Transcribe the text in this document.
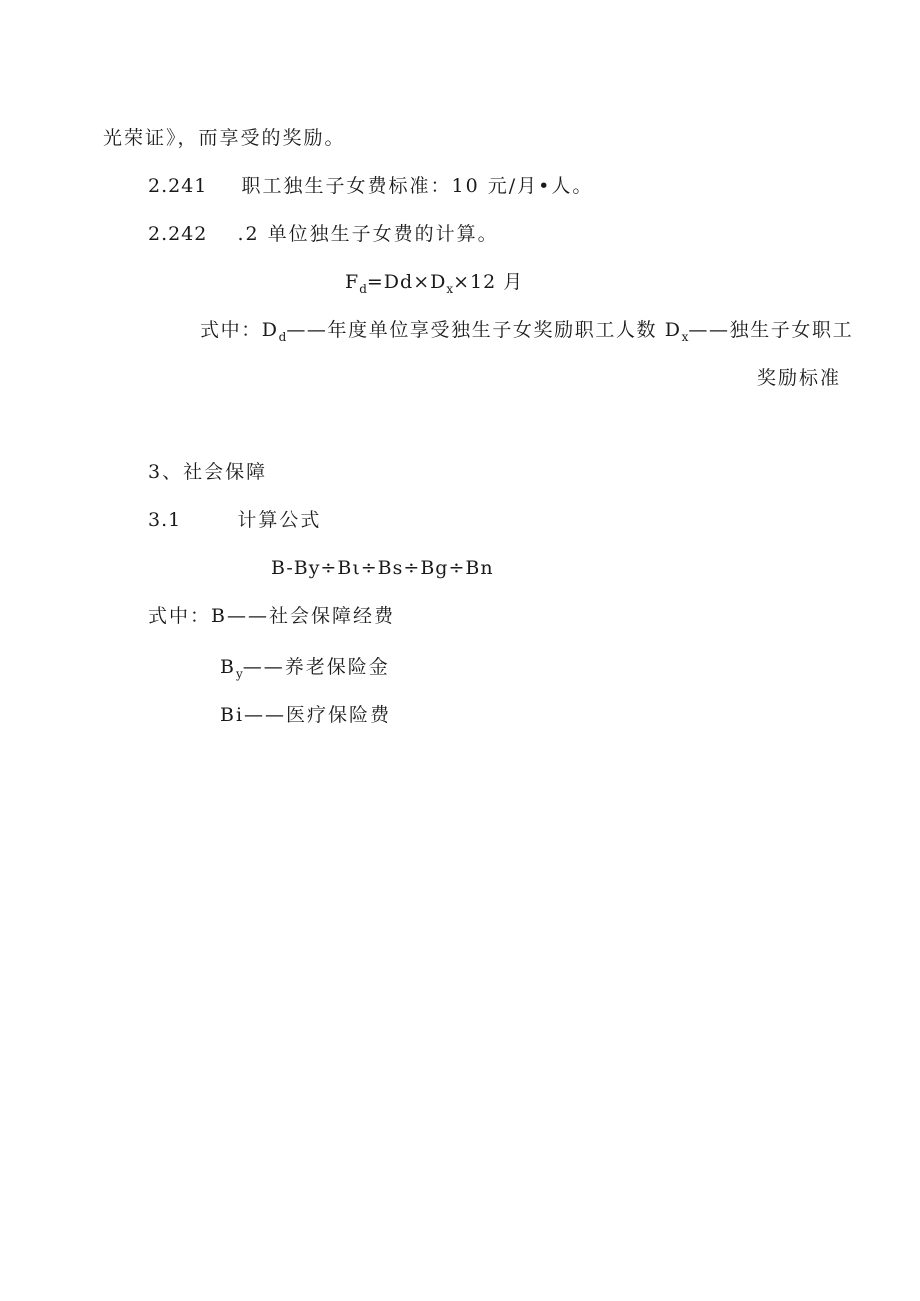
光荣证》，而享受的奖励。
2.241 职工独生子女费标准：10 元/月•人。
2.242 .2 单位独生子女费的计算。
$F_d=Dd\times D_x\times 12$ 月
式中：$D_d——$年度单位享受独生子女奖励职工人数 $D_x——$独生子女职工
奖励标准
3、社会保障
3.1	计算公式
B-By÷Bι÷Bs÷Bg÷Bn
式中：B——社会保障经费
$B_y——$养老保险金
Bi——医疗保险费
